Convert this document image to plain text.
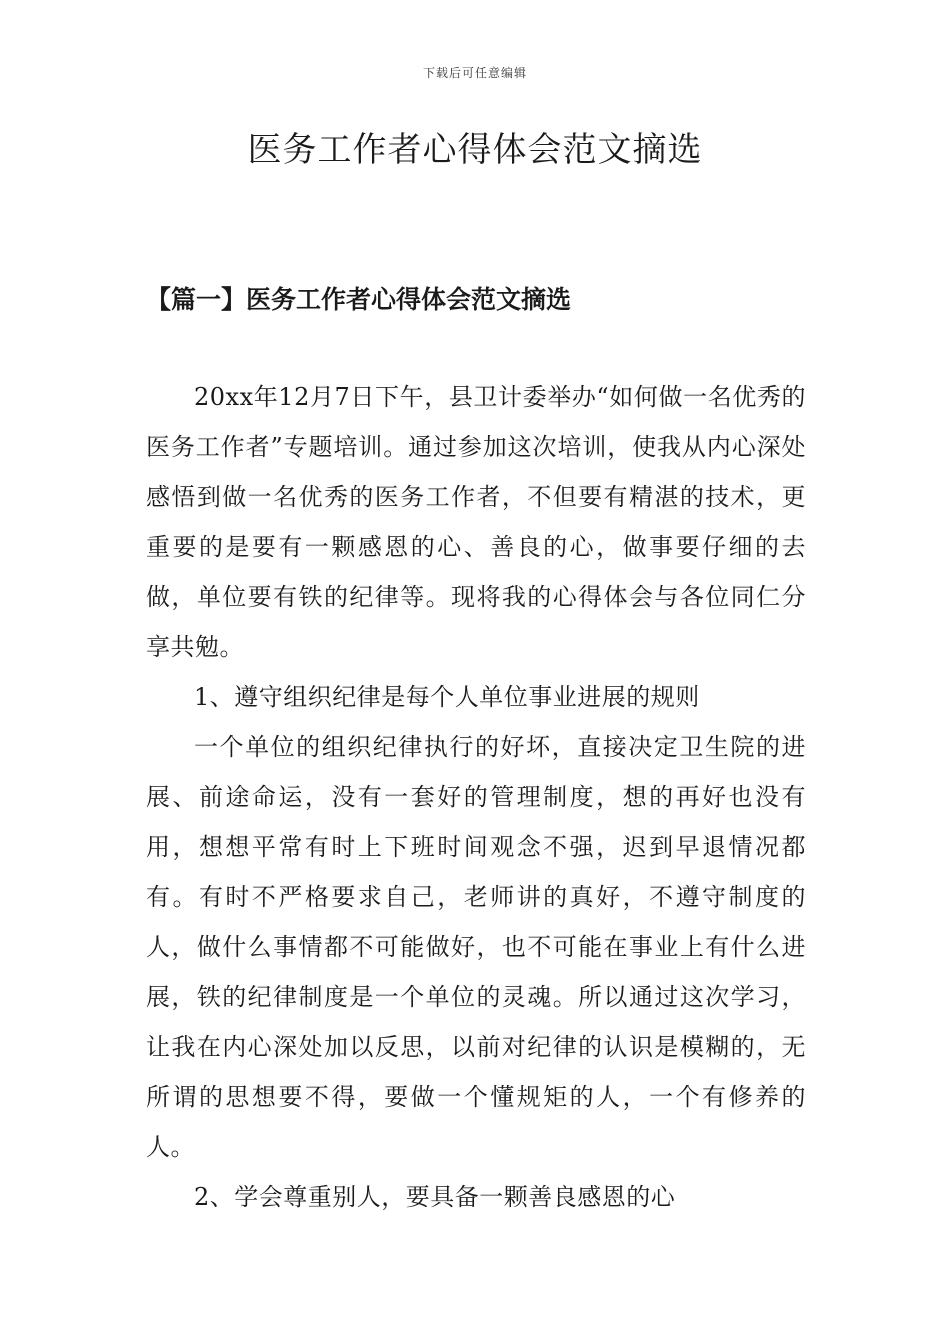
下载后可任意编辑
医务工作者心得体会范文摘选
【篇一】医务工作者心得体会范文摘选

20xx年12月7日下午，县卫计委举办“如何做一名优秀的医务工作者”专题培训。通过参加这次培训，使我从内心深处感悟到做一名优秀的医务工作者，不但要有精湛的技术，更重要的是要有一颗感恩的心、善良的心，做事要仔细的去做，单位要有铁的纪律等。现将我的心得体会与各位同仁分享共勉。

1、遵守组织纪律是每个人单位事业进展的规则

一个单位的组织纪律执行的好坏，直接决定卫生院的进展、前途命运，没有一套好的管理制度，想的再好也没有用，想想平常有时上下班时间观念不强，迟到早退情况都有。有时不严格要求自己，老师讲的真好，不遵守制度的人，做什么事情都不可能做好，也不可能在事业上有什么进展，铁的纪律制度是一个单位的灵魂。所以通过这次学习，让我在内心深处加以反思，以前对纪律的认识是模糊的，无所谓的思想要不得，要做一个懂规矩的人，一个有修养的人。

2、学会尊重别人，要具备一颗善良感恩的心
